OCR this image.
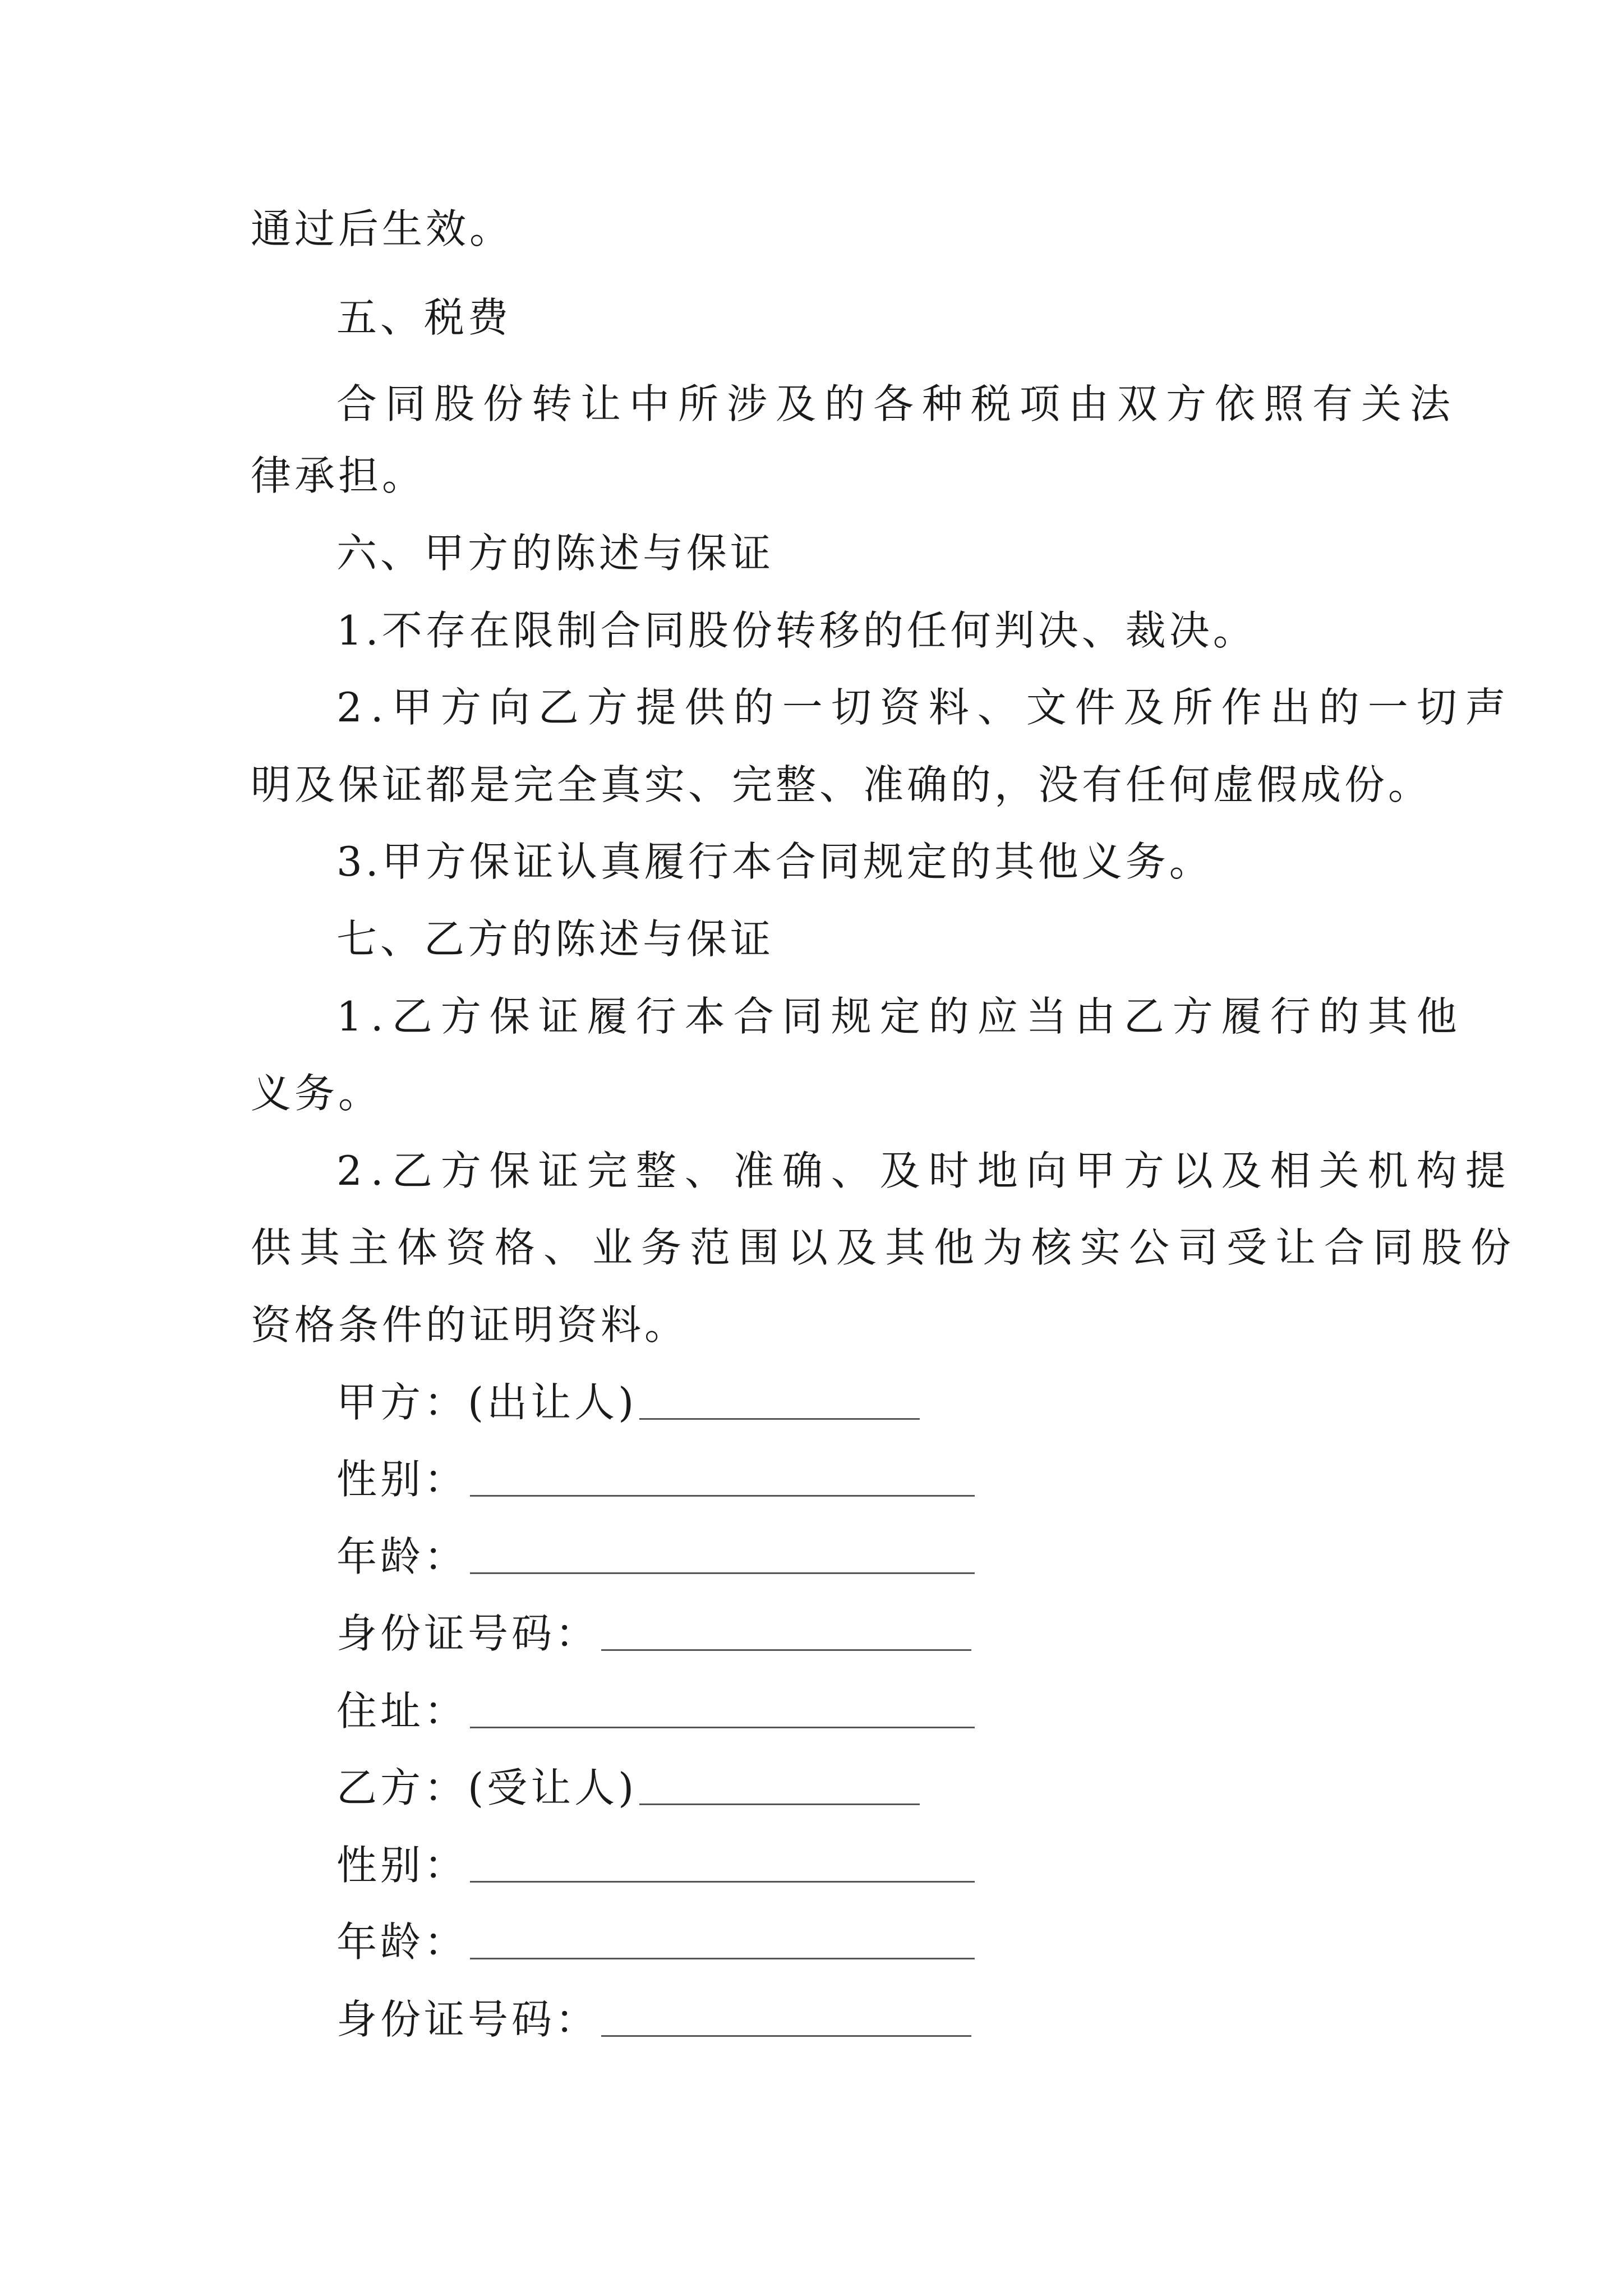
通过后生效。
五、税费
合同股份转让中所涉及的各种税项由双方依照有关法
律承担。
六、甲方的陈述与保证
1.不存在限制合同股份转移的任何判决、裁决。
2.甲方向乙方提供的一切资料、文件及所作出的一切声
明及保证都是完全真实、完整、准确的，没有任何虚假成份。
3.甲方保证认真履行本合同规定的其他义务。
七、乙方的陈述与保证
1.乙方保证履行本合同规定的应当由乙方履行的其他
义务。
2.乙方保证完整、准确、及时地向甲方以及相关机构提
供其主体资格、业务范围以及其他为核实公司受让合同股份
资格条件的证明资料。
甲方：(出让人)
性别：
年龄：
身份证号码：
住址：
乙方：(受让人)
性别：
年龄：
身份证号码：
